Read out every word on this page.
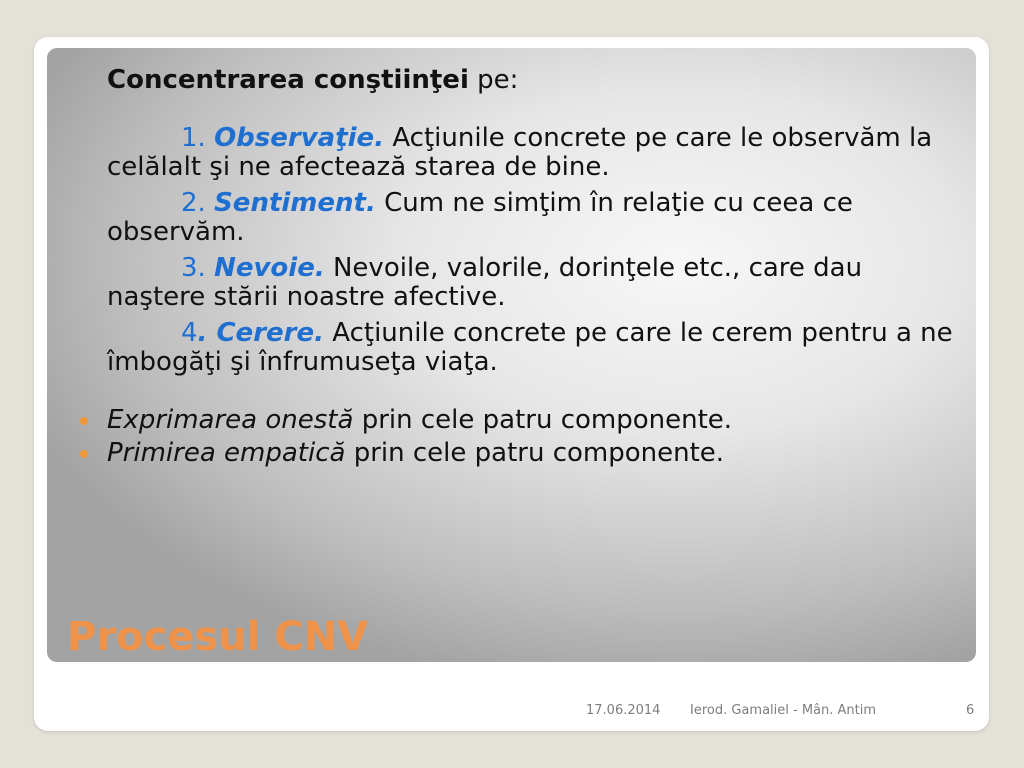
Concentrarea conştiinţei pe:

1. Observaţie. Acţiunile concrete pe care le observăm la celălalt şi ne afectează starea de bine.

2. Sentiment. Cum ne simţim în relaţie cu ceea ce observăm.

3. Nevoie. Nevoile, valorile, dorinţele etc., care dau naştere stării noastre afective.

4. Cerere. Acţiunile concrete pe care le cerem pentru a ne îmbogăţi şi înfrumuseţa viaţa.

Exprimarea onestă prin cele patru componente.

Primirea empatică prin cele patru componente.

Procesul CNV
17.06.2014 Ierod. Gamaliel - Mân. Antim	6
